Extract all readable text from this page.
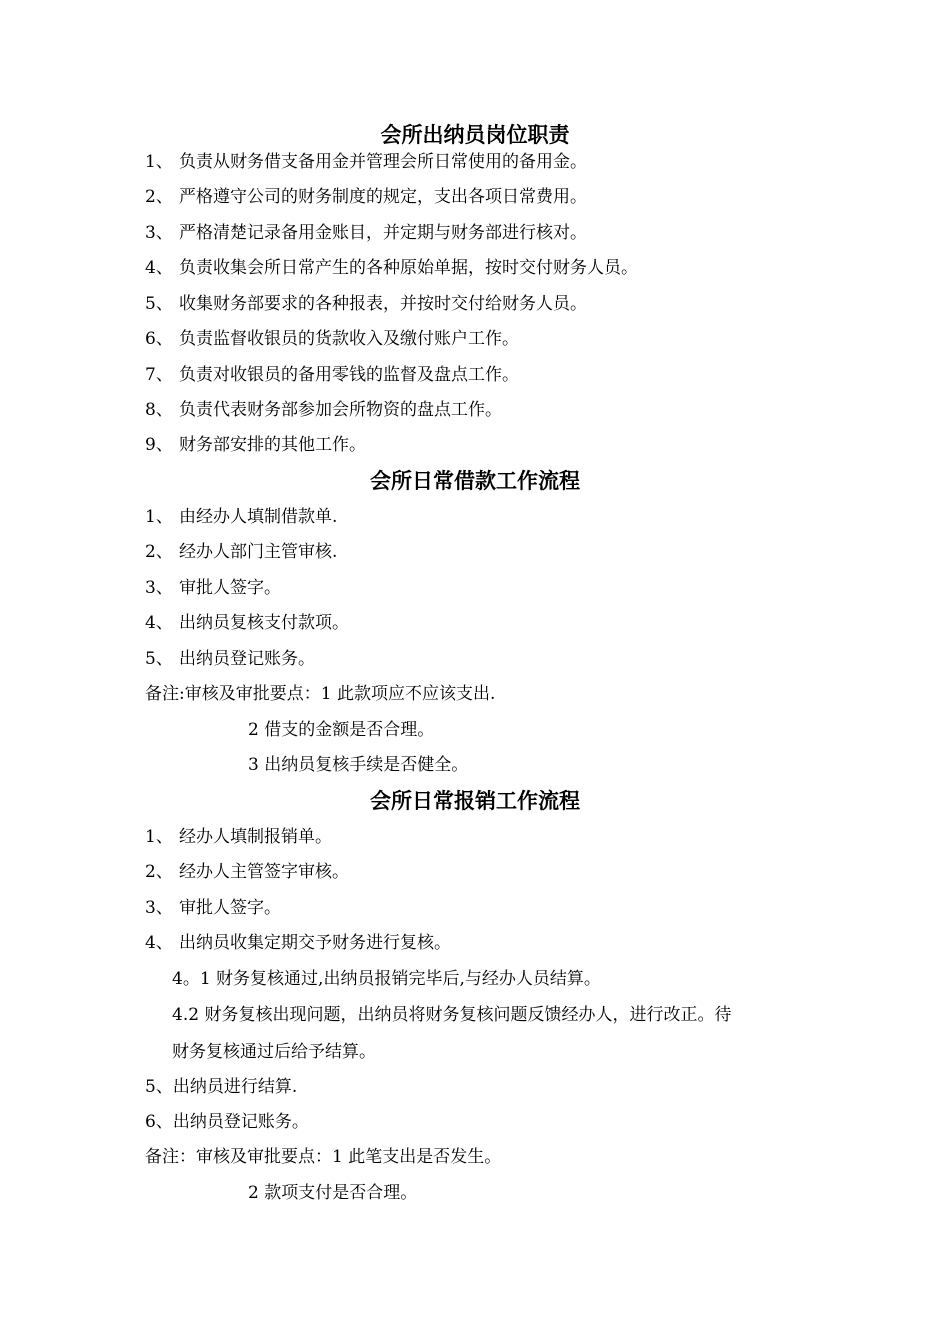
会所出纳员岗位职责
1、 负责从财务借支备用金并管理会所日常使用的备用金。
2、 严格遵守公司的财务制度的规定，支出各项日常费用。
3、 严格清楚记录备用金账目，并定期与财务部进行核对。
4、 负责收集会所日常产生的各种原始单据，按时交付财务人员。
5、 收集财务部要求的各种报表，并按时交付给财务人员。
6、 负责监督收银员的货款收入及缴付账户工作。
7、 负责对收银员的备用零钱的监督及盘点工作。
8、 负责代表财务部参加会所物资的盘点工作。
9、 财务部安排的其他工作。
会所日常借款工作流程
1、 由经办人填制借款单.
2、 经办人部门主管审核.
3、 审批人签字。
4、 出纳员复核支付款项。
5、 出纳员登记账务。
备注:审核及审批要点：1 此款项应不应该支出.
2 借支的金额是否合理。
3 出纳员复核手续是否健全。
会所日常报销工作流程
1、 经办人填制报销单。
2、 经办人主管签字审核。
3、 审批人签字。
4、 出纳员收集定期交予财务进行复核。
4。1 财务复核通过,出纳员报销完毕后,与经办人员结算。
4.2 财务复核出现问题，出纳员将财务复核问题反馈经办人，进行改正。待
财务复核通过后给予结算。
5、出纳员进行结算.
6、出纳员登记账务。
备注：审核及审批要点：1 此笔支出是否发生。
2 款项支付是否合理。
